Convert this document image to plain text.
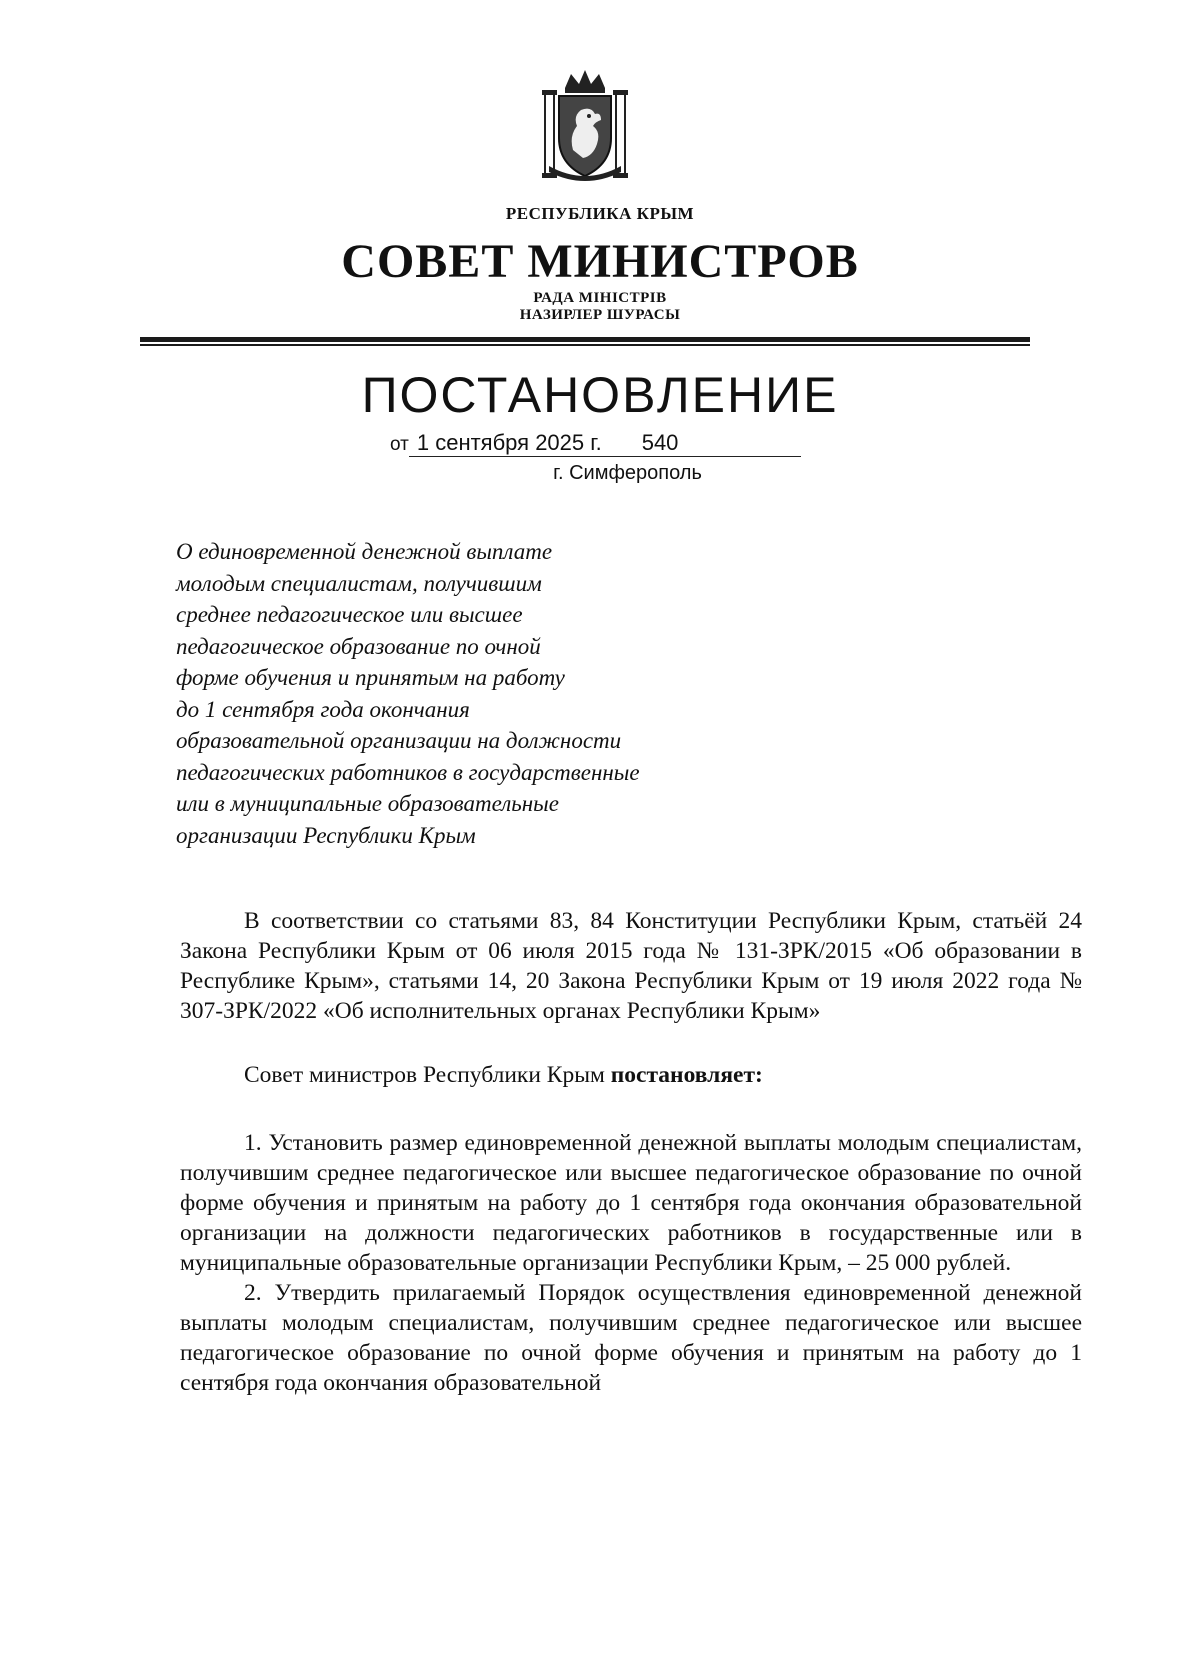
РЕСПУБЛИКА КРЫМ
СОВЕТ МИНИСТРОВ
РАДА МІНІСТРІВ
НАЗИРЛЕР ШУРАСЫ
ПОСТАНОВЛЕНИЕ
от 1 сентября 2025 г. 540
г. Симферополь
О единовременной денежной выплате
молодым специалистам, получившим
среднее педагогическое или высшее
педагогическое образование по очной
форме обучения и принятым на работу
до 1 сентября года окончания
образовательной организации на должности
педагогических работников в государственные
или в муниципальные образовательные
организации Республики Крым

В соответствии со статьями 83, 84 Конституции Республики Крым, статьёй 24 Закона Республики Крым от 06 июля 2015 года № 131-ЗРК/2015 «Об образовании в Республике Крым», статьями 14, 20 Закона Республики Крым от 19 июля 2022 года № 307-ЗРК/2022 «Об исполнительных органах Республики Крым»

Совет министров Республики Крым постановляет:

1. Установить размер единовременной денежной выплаты молодым специалистам, получившим среднее педагогическое или высшее педагогическое образование по очной форме обучения и принятым на работу до 1 сентября года окончания образовательной организации на должности педагогических работников в государственные или в муниципальные образовательные организации Республики Крым, – 25 000 рублей.

2. Утвердить прилагаемый Порядок осуществления единовременной денежной выплаты молодым специалистам, получившим среднее педагогическое или высшее педагогическое образование по очной форме обучения и принятым на работу до 1 сентября года окончания образовательной
